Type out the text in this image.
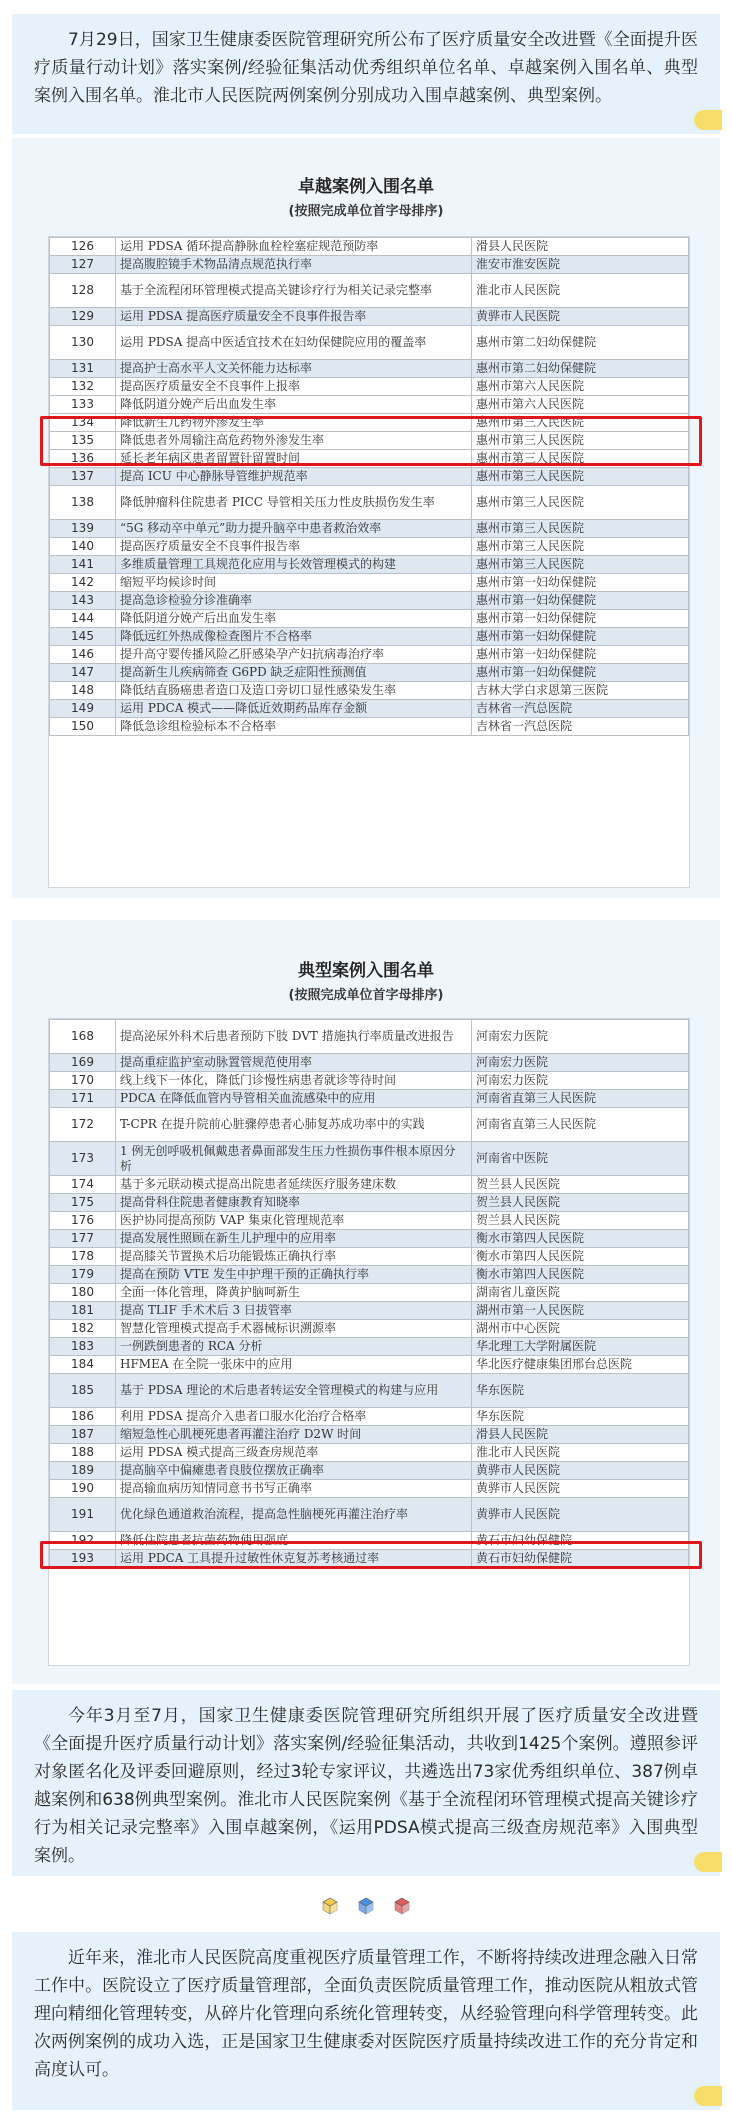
7月29日，国家卫生健康委医院管理研究所公布了医疗质量安全改进暨《全面提升医疗质量行动计划》落实案例/经验征集活动优秀组织单位名单、卓越案例入围名单、典型案例入围名单。淮北市人民医院两例案例分别成功入围卓越案例、典型案例。

卓越案例入围名单
(按照完成单位首字母排序)
126	运用 PDSA 循环提高静脉血栓栓塞症规范预防率	滑县人民医院
127	提高腹腔镜手术物品清点规范执行率	淮安市淮安医院
128	基于全流程闭环管理模式提高关键诊疗行为相关记录完整率	淮北市人民医院
129	运用 PDSA 提高医疗质量安全不良事件报告率	黄骅市人民医院
130	运用 PDSA 提高中医适宜技术在妇幼保健院应用的覆盖率	惠州市第二妇幼保健院
131	提高护士高水平人文关怀能力达标率	惠州市第二妇幼保健院
132	提高医疗质量安全不良事件上报率	惠州市第六人民医院
133	降低阴道分娩产后出血发生率	惠州市第六人民医院
134	降低新生儿药物外渗发生率	惠州市第三人民医院
135	降低患者外周输注高危药物外渗发生率	惠州市第三人民医院
136	延长老年病区患者留置针留置时间	惠州市第三人民医院
137	提高 ICU 中心静脉导管维护规范率	惠州市第三人民医院
138	降低肿瘤科住院患者 PICC 导管相关压力性皮肤损伤发生率	惠州市第三人民医院
139	“5G 移动卒中单元”助力提升脑卒中患者救治效率	惠州市第三人民医院
140	提高医疗质量安全不良事件报告率	惠州市第三人民医院
141	多维质量管理工具规范化应用与长效管理模式的构建	惠州市第三人民医院
142	缩短平均候诊时间	惠州市第一妇幼保健院
143	提高急诊检验分诊准确率	惠州市第一妇幼保健院
144	降低阴道分娩产后出血发生率	惠州市第一妇幼保健院
145	降低远红外热成像检查图片不合格率	惠州市第一妇幼保健院
146	提升高守婴传播风险乙肝感染孕产妇抗病毒治疗率	惠州市第一妇幼保健院
147	提高新生儿疾病筛查 G6PD 缺乏症阳性预测值	惠州市第一妇幼保健院
148	降低结直肠癌患者造口及造口旁切口显性感染发生率	吉林大学白求恩第三医院
149	运用 PDCA 模式——降低近效期药品库存金额	吉林省一汽总医院
150	降低急诊组检验标本不合格率	吉林省一汽总医院
典型案例入围名单
(按照完成单位首字母排序)
168	提高泌尿外科术后患者预防下肢 DVT 措施执行率质量改进报告	河南宏力医院
169	提高重症监护室动脉置管规范使用率	河南宏力医院
170	线上线下一体化，降低门诊慢性病患者就诊等待时间	河南宏力医院
171	PDCA 在降低血管内导管相关血流感染中的应用	河南省直第三人民医院
172	T-CPR 在提升院前心脏骤停患者心肺复苏成功率中的实践	河南省直第三人民医院
173	1 例无创呼吸机佩戴患者鼻面部发生压力性损伤事件根本原因分析	河南省中医院
174	基于多元联动模式提高出院患者延续医疗服务建床数	贺兰县人民医院
175	提高骨科住院患者健康教育知晓率	贺兰县人民医院
176	医护协同提高预防 VAP 集束化管理规范率	贺兰县人民医院
177	提高发展性照顾在新生儿护理中的应用率	衡水市第四人民医院
178	提高膝关节置换术后功能锻炼正确执行率	衡水市第四人民医院
179	提高在预防 VTE 发生中护理干预的正确执行率	衡水市第四人民医院
180	全面一体化管理，降黄护脑呵新生	湖南省儿童医院
181	提高 TLIF 手术术后 3 日拔管率	湖州市第一人民医院
182	智慧化管理模式提高手术器械标识溯源率	湖州市中心医院
183	一例跌倒患者的 RCA 分析	华北理工大学附属医院
184	HFMEA 在全院一张床中的应用	华北医疗健康集团邢台总医院
185	基于 PDSA 理论的术后患者转运安全管理模式的构建与应用	华东医院
186	利用 PDSA 提高介入患者口服水化治疗合格率	华东医院
187	缩短急性心肌梗死患者再灌注治疗 D2W 时间	滑县人民医院
188	运用 PDSA 模式提高三级查房规范率	淮北市人民医院
189	提高脑卒中偏瘫患者良肢位摆放正确率	黄骅市人民医院
190	提高输血病历知情同意书书写正确率	黄骅市人民医院
191	优化绿色通道救治流程，提高急性脑梗死再灌注治疗率	黄骅市人民医院
192	降低住院患者抗菌药物使用强度	黄石市妇幼保健院
193	运用 PDCA 工具提升过敏性休克复苏考核通过率	黄石市妇幼保健院

今年3月至7月，国家卫生健康委医院管理研究所组织开展了医疗质量安全改进暨《全面提升医疗质量行动计划》落实案例/经验征集活动，共收到1425个案例。遵照参评对象匿名化及评委回避原则，经过3轮专家评议，共遴选出73家优秀组织单位、387例卓越案例和638例典型案例。淮北市人民医院案例《基于全流程闭环管理模式提高关键诊疗行为相关记录完整率》入围卓越案例，《运用PDSA模式提高三级查房规范率》入围典型案例。

近年来，淮北市人民医院高度重视医疗质量管理工作，不断将持续改进理念融入日常工作中。医院设立了医疗质量管理部，全面负责医院质量管理工作，推动医院从粗放式管理向精细化管理转变，从碎片化管理向系统化管理转变，从经验管理向科学管理转变。此次两例案例的成功入选，正是国家卫生健康委对医院医疗质量持续改进工作的充分肯定和高度认可。
